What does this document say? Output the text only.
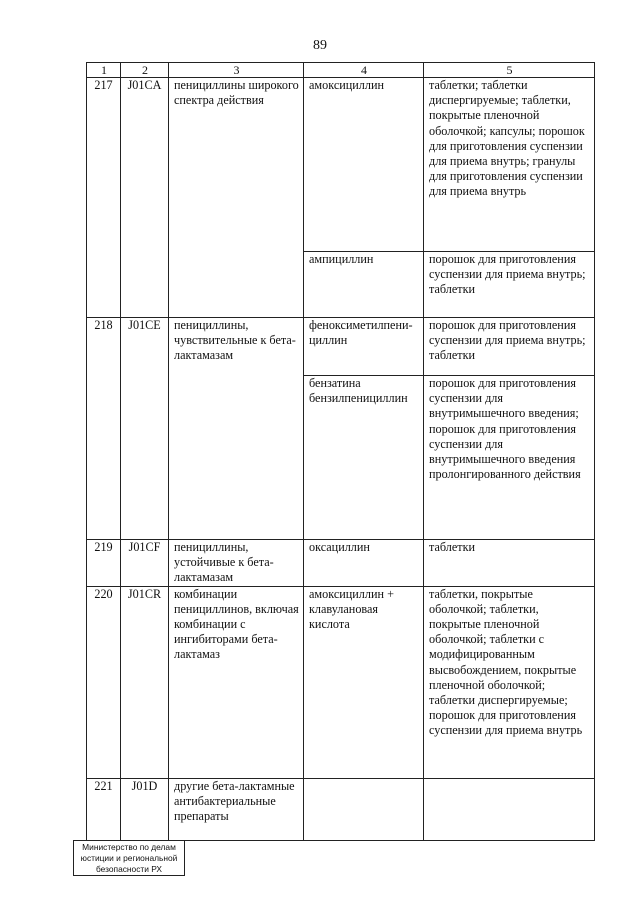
89
1	2	3	4	5
217	J01CA	пенициллины широкого спектра действия	амоксициллин	таблетки; таблетки диспергируемые; таблетки, покрытые пленочной оболочкой; капсулы; порошок для приготовления суспензии для приема внутрь; гранулы для приготовления суспензии для приема внутрь
			ампициллин	порошок для приготовления суспензии для приема внутрь; таблетки
218	J01CE	пенициллины, чувствительные к бета-лактамазам	феноксиметилпени-циллин	порошок для приготовления суспензии для приема внутрь; таблетки
			бензатина бензилпенициллин	порошок для приготовления суспензии для внутримышечного введения; порошок для приготовления суспензии для внутримышечного введения пролонгированного действия
219	J01CF	пенициллины, устойчивые к бета-лактамазам	оксациллин	таблетки
220	J01CR	комбинации пенициллинов, включая комбинации с ингибиторами бета-лактамаз	амоксициллин + клавулановая кислота	таблетки, покрытые оболочкой; таблетки, покрытые пленочной оболочкой; таблетки с модифицированным высвобождением, покрытые пленочной оболочкой; таблетки диспергируемые; порошок для приготовления суспензии для приема внутрь
221	J01D	другие бета-лактамные антибактериальные препараты		
Министерство по делам
юстиции и региональной
безопасности РХ
